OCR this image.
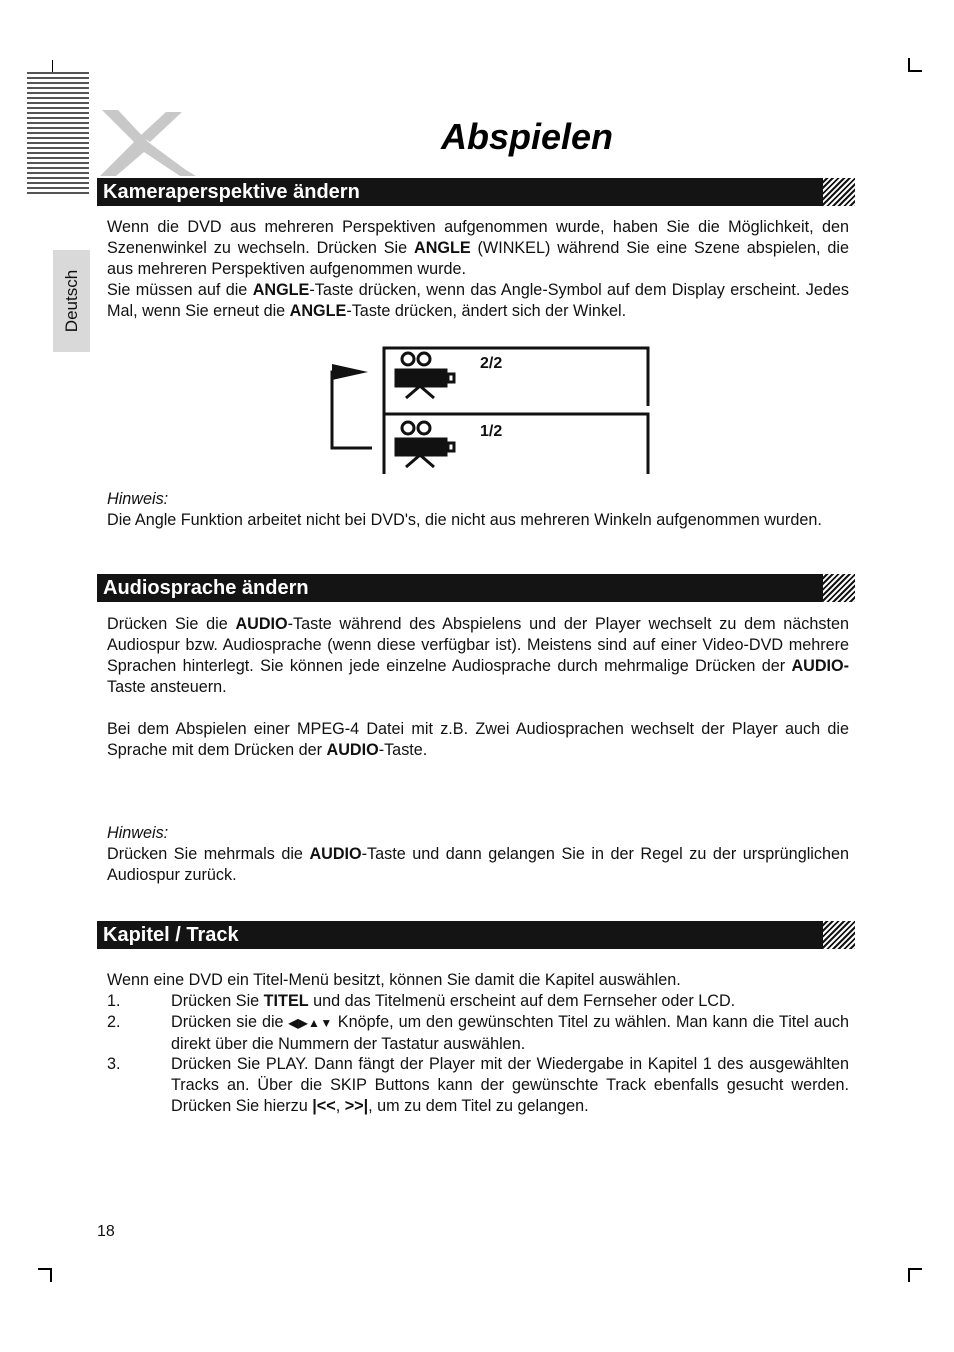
Abspielen
Deutsch
Kameraperspektive ändern
Wenn die DVD aus mehreren Perspektiven aufgenommen wurde, haben Sie die Möglichkeit, den Szenenwinkel zu wechseln. Drücken Sie ANGLE (WINKEL) während Sie eine Szene abspielen, die aus mehreren Perspektiven aufgenommen wurde.
Sie müssen auf die ANGLE-Taste drücken, wenn das Angle-Symbol auf dem Display erscheint. Jedes Mal, wenn Sie erneut die ANGLE-Taste drücken, ändert sich der Winkel.
2/2
1/2
Hinweis:
Die Angle Funktion arbeitet nicht bei DVD's, die nicht aus mehreren Winkeln aufgenommen wurden.
Audiosprache ändern
Drücken Sie die AUDIO-Taste während des Abspielens und der Player wechselt zu dem nächsten Audiospur bzw. Audiosprache (wenn diese verfügbar ist). Meistens sind auf einer Video-DVD mehrere Sprachen hinterlegt. Sie können jede einzelne Audiosprache durch mehrmalige Drücken der AUDIO-Taste ansteuern.
Bei dem Abspielen einer MPEG-4 Datei mit z.B. Zwei Audiosprachen wechselt der Player auch die Sprache mit dem Drücken der AUDIO-Taste.
Hinweis:
Drücken Sie mehrmals die AUDIO-Taste und dann gelangen Sie in der Regel zu der ursprünglichen Audiospur zurück.
Kapitel / Track
Wenn eine DVD ein Titel-Menü besitzt, können Sie damit die Kapitel auswählen.
1.	Drücken Sie TITEL und das Titelmenü erscheint auf dem Fernseher oder LCD.
2.	Drücken sie die ◀▶▲▼ Knöpfe, um den gewünschten Titel zu wählen. Man kann die Titel auch direkt über die Nummern der Tastatur auswählen.
3.	Drücken Sie PLAY. Dann fängt der Player mit der Wiedergabe in Kapitel 1 des ausgewählten Tracks an. Über die SKIP Buttons kann der gewünschte Track ebenfalls gesucht werden. Drücken Sie hierzu |<<, >>|, um zu dem Titel zu gelangen.
18
